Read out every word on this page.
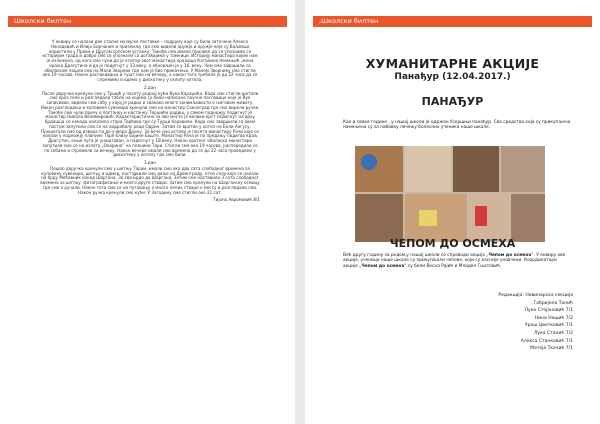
Школски билтен

У оквиру се налази две сталне музејске поставке – подруму које су били заточени Алекса Ненадовић и Илија Бирчанин и приземљу где смо видели оружје и оружје које су Ваљевци користили у Првом и Другом српском устанку. Такође смо имали прилике да се упознамо са историјом града и добро смо се упознали са догађајима у тамници. Историју манастира којим нам је изложена, од кога смо чули да је ктитор овог манастира краљица Каталина Немањић ,жена краља Драгутина и да је подигнут у 13.веку, а обновљен је у 16. веку. Чим смо завршили са обиласком пошли смо на Мали Зворник где нам је био прикачење. У Малом Зворнику смо стигли око 19 часова. Након распакивања и тушт смо на вечеру, а након тога требало је да 22 часа да се спремимо и одемо у дискотеку у склопу хотела.

2.дан

После доручка кренули смо у Тршић у посету родној кући Вука Караџића. Када смо стигли шетали смо кроз село и разгледали табле на којима су били написане поучне пословице које је Вук записивао, видели смо собу у којој је радио и свакако многе занимљивости о његовом животу. Након разгледања и куповине сувенира кренули смо на манастир Соколград где смо видели ручак. Такође смо чули причу о постанку и настанку Тершиће радиш, у самом подножју подигнут је манастир Никола Велимировић. Карактеристично за ово место је велики крст подигнут на врху брдашца се некада налазила стара Тврђава где су Турци боравили. Када смо завршили са овом постом запутили смо се на хидрабилу реци Одрин. Затим се вратио у хотел на Бели Ангусу. Прошетали смо од извора па до учвора Дрину. За вече смо остали је посета манастиру Рачи које се налази у подножју планине Таре близу Бајине Баште. Манастир Рача је по предању подигао краљ Драгутин, еныя пута је уништаван, а подигнут у 18.веку. Након кратког обиласка манастира запутили смо се на излету „Окарина“ на планини Тари. Стигли смо око 19 часова, распоредили се по собама и спремили за вечеру. Након вечере имали смо времена да се до 22 часа проведемо у дискотеку у хотелу где смо били.

3.дан

Пошло доручка кренули смо у шетњу Таром, имали смо око два сата слободног времена за куповину сувенира, шетњу и одмор. настзавили смо даље на Дрвенграду, етно селу које се налази на брду Мећавник изнад Шаргана. За сва Брдо до Шаргана. Затим смо наставили 3 сата слободног времена за шетњу, фотографисање и много друге ствари. Затим смо кренули на Шарганску осмицу где смо о ручали. Након тога смо се на путовању о много лепих ствари о месту и разгледали смо. Након ручка кренули смо кући. У Загодину смо стигли око 21 сат.

Тијана Авромовић 8/1
,Школски билтен
ХУМАНИТАРНЕ АКЦИЈЕ
Панађур (12.04.2017.)
ПАНАЂУР
Као и сваке године , у нашој школи је одржан Ускршњи панађур. Сва средства која су прикупљена намењена су за набавку лечењу болесних ученика наше школе.
ЧЕПОМ ДО ОСМЕХА
Већ другу годину за редом,у нашој школи се спроводи акција „Чепом до осмеха“. У оквиру ове акције, ученици наше школе су прикупљали чепове, који су касније уновчени. Координатори акције „Чепом до осмеха“ су били Весна Рајић и Младен Гњатовић.
Редакција: Новинарска секција
Габријела Танић
Лука Стојановић 7/1
Нина Нешић 7/2
Урош Цветковић 7/1
Лука Станић 7/2
Алекса Станковић 7/1
Матеја Ткачић 7/1
